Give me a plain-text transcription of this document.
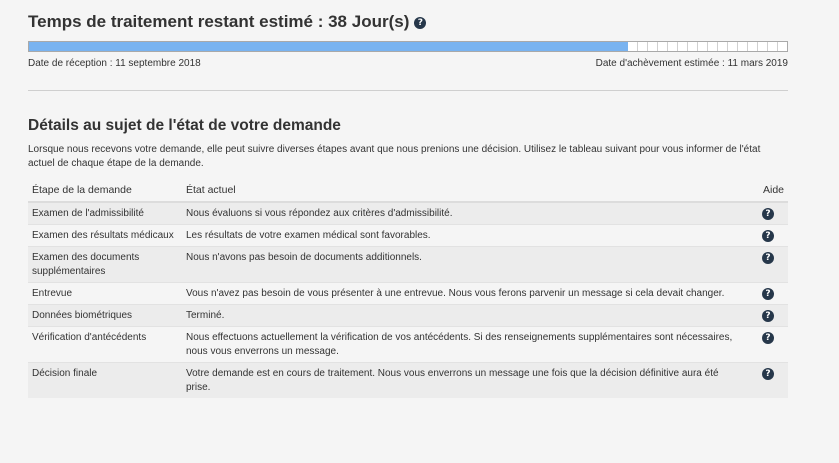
Temps de traitement restant estimé : 38 Jour(s) ?
Date de réception : 11 septembre 2018	Date d'achèvement estimée : 11 mars 2019
Détails au sujet de l'état de votre demande
Lorsque nous recevons votre demande, elle peut suivre diverses étapes avant que nous prenions une décision. Utilisez le tableau suivant pour vous informer de l'état actuel de chaque étape de la demande.
Étape de la demande	État actuel	Aide
Examen de l'admissibilité	Nous évaluons si vous répondez aux critères d'admissibilité.	?
Examen des résultats médicaux	Les résultats de votre examen médical sont favorables.	?
Examen des documents supplémentaires	Nous n'avons pas besoin de documents additionnels.	?
Entrevue	Vous n'avez pas besoin de vous présenter à une entrevue. Nous vous ferons parvenir un message si cela devait changer.	?
Données biométriques	Terminé.	?
Vérification d'antécédents	Nous effectuons actuellement la vérification de vos antécédents. Si des renseignements supplémentaires sont nécessaires, nous vous enverrons un message.	?
Décision finale	Votre demande est en cours de traitement. Nous vous enverrons un message une fois que la décision définitive aura été prise.	?
